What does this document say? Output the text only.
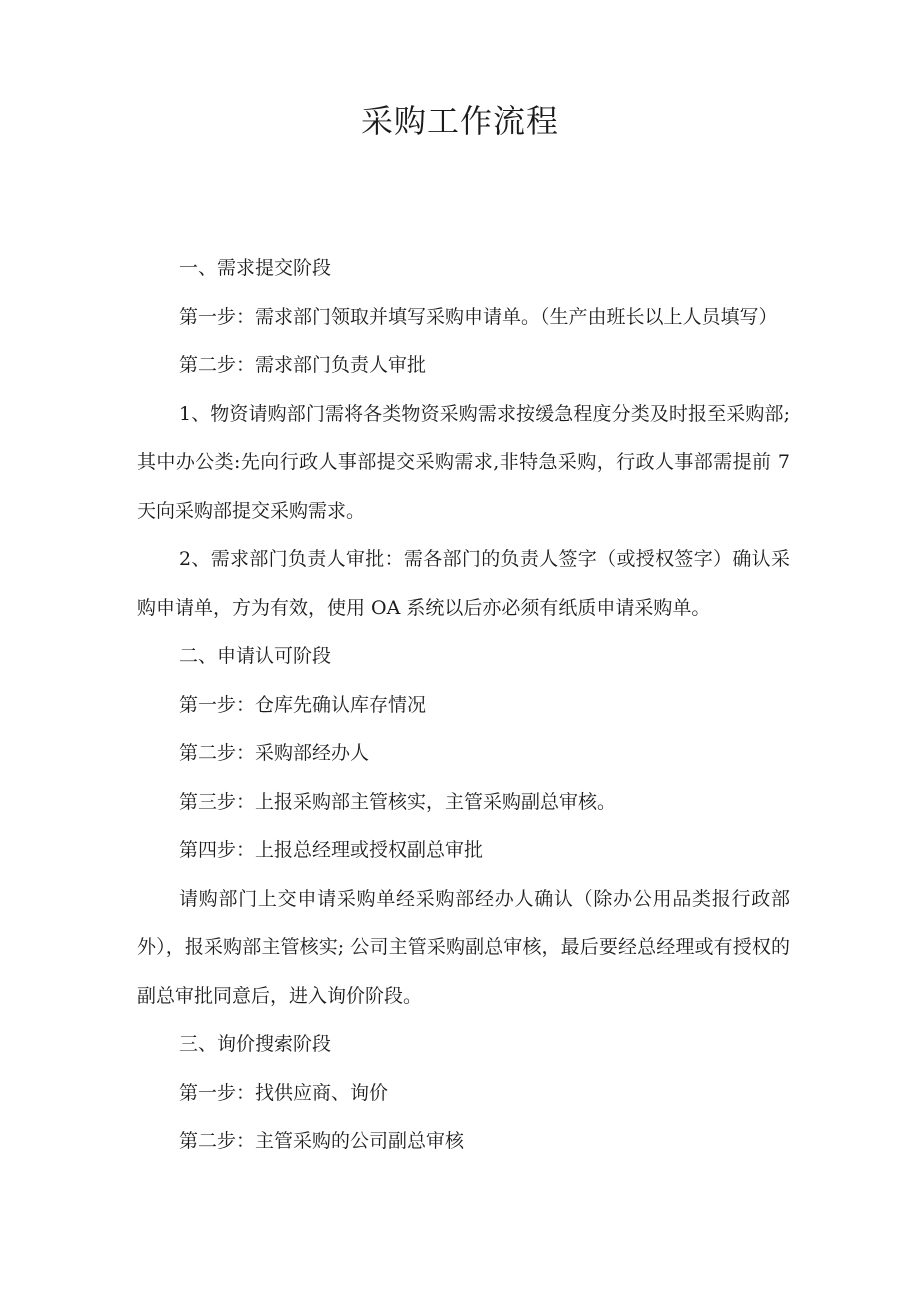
采购工作流程

一、需求提交阶段

第一步：需求部门领取并填写采购申请单。（生产由班长以上人员填写）

第二步：需求部门负责人审批

1、物资请购部门需将各类物资采购需求按缓急程度分类及时报至采购部; 其中办公类:先向行政人事部提交采购需求,非特急采购，行政人事部需提前 7 天向采购部提交采购需求。

2、需求部门负责人审批：需各部门的负责人签字（或授权签字）确认采购申请单，方为有效，使用 OA 系统以后亦必须有纸质申请采购单。

二、申请认可阶段

第一步：仓库先确认库存情况

第二步：采购部经办人

第三步：上报采购部主管核实，主管采购副总审核。

第四步：上报总经理或授权副总审批

请购部门上交申请采购单经采购部经办人确认（除办公用品类报行政部外），报采购部主管核实; 公司主管采购副总审核，最后要经总经理或有授权的副总审批同意后，进入询价阶段。

三、询价搜索阶段

第一步：找供应商、询价

第二步：主管采购的公司副总审核
